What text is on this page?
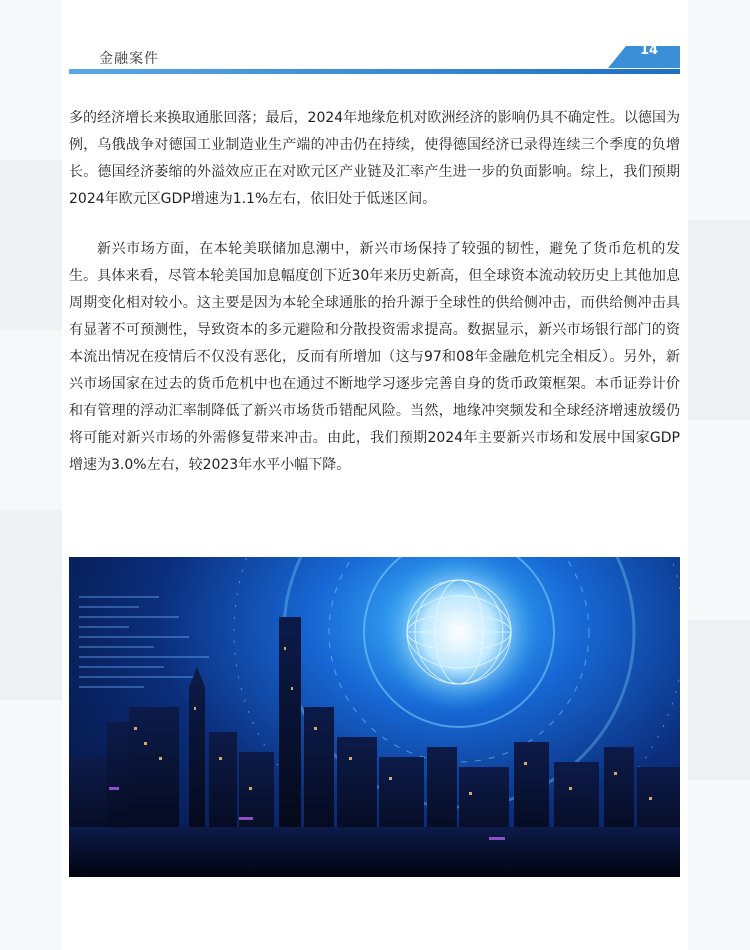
金融案件
14

多的经济增长来换取通胀回落；最后，2024年地缘危机对欧洲经济的影响仍具不确定性。以德国为例，乌俄战争对德国工业制造业生产端的冲击仍在持续，使得德国经济已录得连续三个季度的负增长。德国经济萎缩的外溢效应正在对欧元区产业链及汇率产生进一步的负面影响。综上，我们预期2024年欧元区GDP增速为1.1%左右，依旧处于低迷区间。

新兴市场方面，在本轮美联储加息潮中，新兴市场保持了较强的韧性，避免了货币危机的发生。具体来看，尽管本轮美国加息幅度创下近30年来历史新高，但全球资本流动较历史上其他加息周期变化相对较小。这主要是因为本轮全球通胀的抬升源于全球性的供给侧冲击，而供给侧冲击具有显著不可预测性，导致资本的多元避险和分散投资需求提高。数据显示，新兴市场银行部门的资本流出情况在疫情后不仅没有恶化，反而有所增加（这与97和08年金融危机完全相反）。另外，新兴市场国家在过去的货币危机中也在通过不断地学习逐步完善自身的货币政策框架。本币证券计价和有管理的浮动汇率制降低了新兴市场货币错配风险。当然，地缘冲突频发和全球经济增速放缓仍将可能对新兴市场的外需修复带来冲击。由此，我们预期2024年主要新兴市场和发展中国家GDP增速为3.0%左右，较2023年水平小幅下降。
